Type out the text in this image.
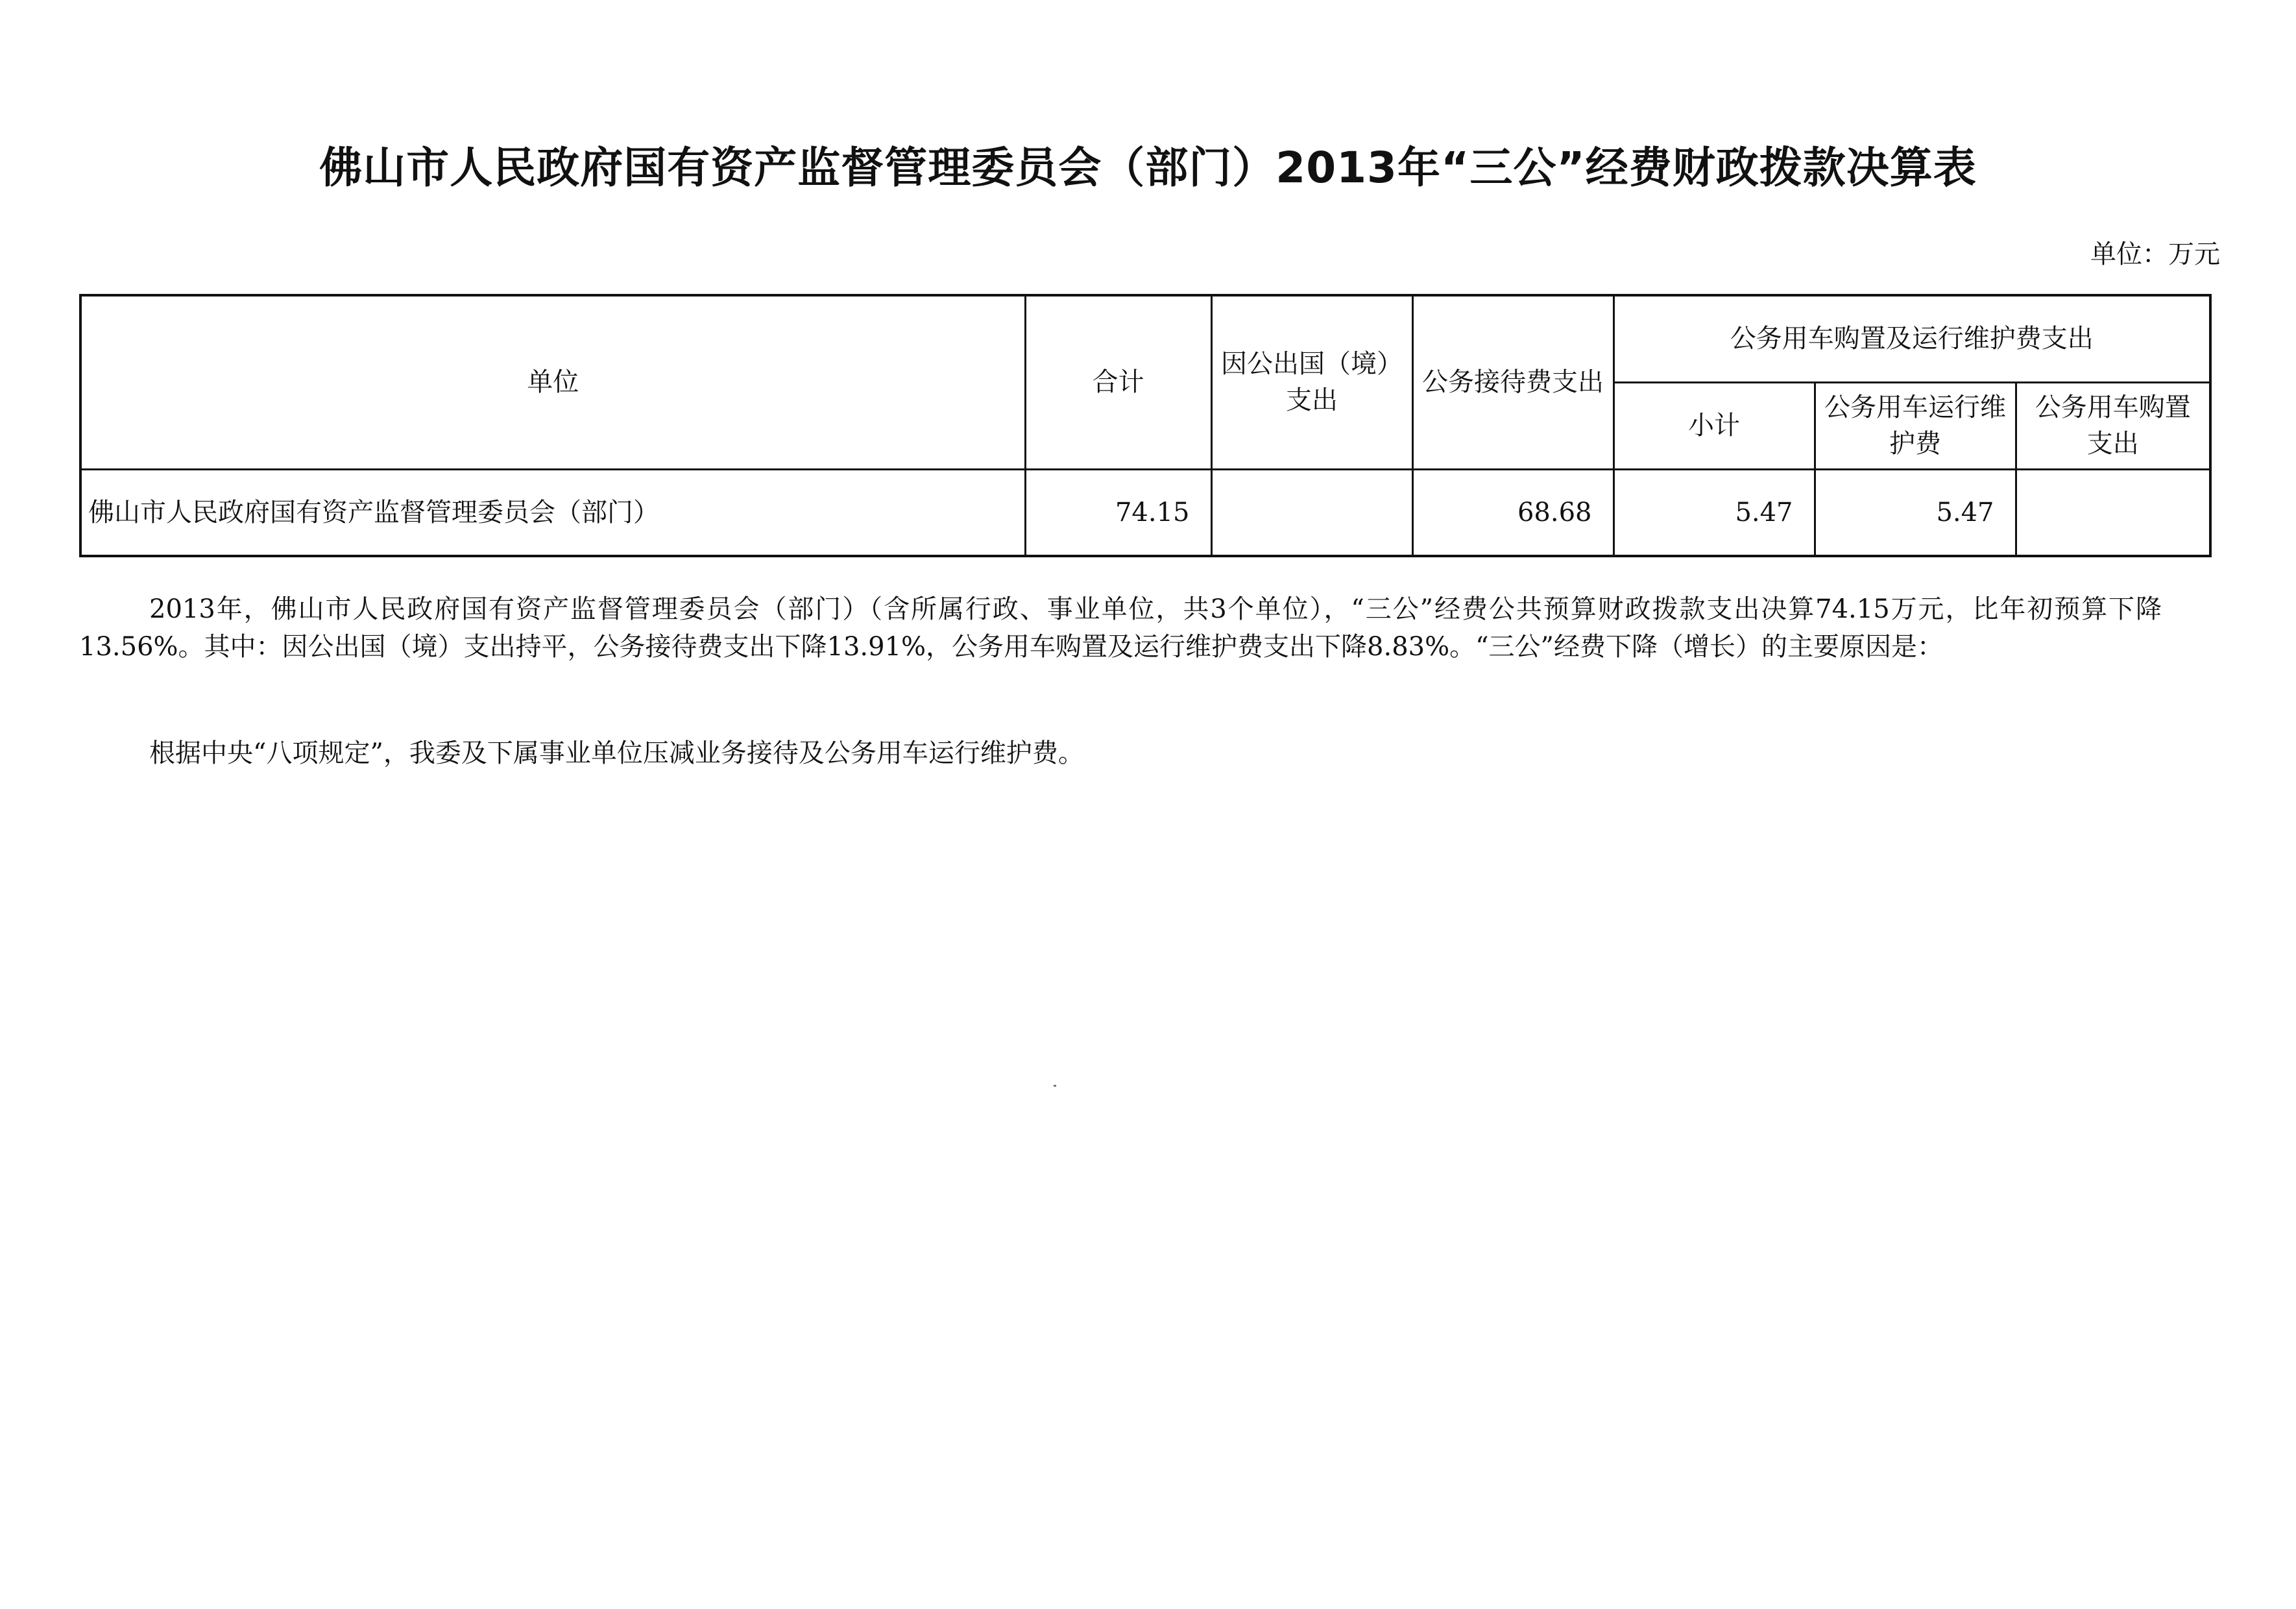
佛山市人民政府国有资产监督管理委员会（部门）2013年“三公”经费财政拨款决算表
单位：万元
单位	合计	因公出国（境）支出	公务接待费支出	公务用车购置及运行维护费支出		
				小计	公务用车运行维护费	公务用车购置支出
佛山市人民政府国有资产监督管理委员会（部门）	74.15		68.68	5.47	5.47	

2013年，佛山市人民政府国有资产监督管理委员会（部门）（含所属行政、事业单位，共3个单位），“三公”经费公共预算财政拨款支出决算74.15万元，比年初预算下降13.56%。其中：因公出国（境）支出持平，公务接待费支出下降13.91%，公务用车购置及运行维护费支出下降8.83%。“三公”经费下降（增长）的主要原因是：

根据中央“八项规定”，我委及下属事业单位压减业务接待及公务用车运行维护费。
